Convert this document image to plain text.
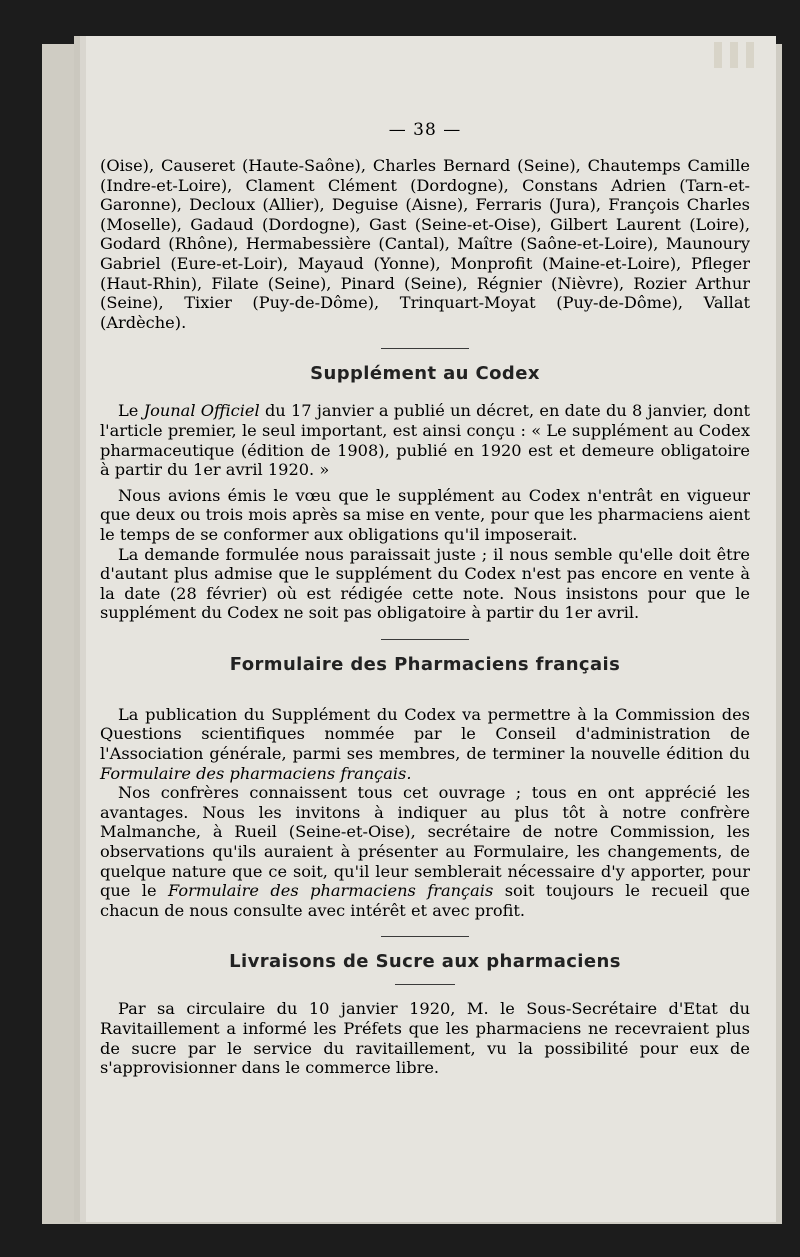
— 38 —

(Oise), Causeret (Haute-Saône), Charles Bernard (Seine), Chautemps Camille (Indre-et-Loire), Clament Clément (Dordogne), Constans Adrien (Tarn-et-Garonne), Decloux (Allier), Deguise (Aisne), Ferraris (Jura), François Charles (Moselle), Gadaud (Dordogne), Gast (Seine-et-Oise), Gilbert Laurent (Loire), Godard (Rhône), Hermabessière (Cantal), Maître (Saône-et-Loire), Maunoury Gabriel (Eure-et-Loir), Mayaud (Yonne), Monprofit (Maine-et-Loire), Pfleger (Haut-Rhin), Filate (Seine), Pinard (Seine), Régnier (Nièvre), Rozier Arthur (Seine), Tixier (Puy-de-Dôme), Trinquart-Moyat (Puy-de-Dôme), Vallat (Ardèche).

Supplément au Codex

Le Jounal Officiel du 17 janvier a publié un décret, en date du 8 janvier, dont l'article premier, le seul important, est ainsi conçu : « Le supplément au Codex pharmaceutique (édition de 1908), publié en 1920 est et demeure obligatoire à partir du 1er avril 1920. »

Nous avions émis le vœu que le supplément au Codex n'entrât en vigueur que deux ou trois mois après sa mise en vente, pour que les pharmaciens aient le temps de se conformer aux obligations qu'il imposerait.

La demande formulée nous paraissait juste ; il nous semble qu'elle doit être d'autant plus admise que le supplément du Codex n'est pas encore en vente à la date (28 février) où est rédigée cette note. Nous insistons pour que le supplément du Codex ne soit pas obligatoire à partir du 1er avril.

Formulaire des Pharmaciens français

La publication du Supplément du Codex va permettre à la Commission des Questions scientifiques nommée par le Conseil d'administration de l'Association générale, parmi ses membres, de terminer la nouvelle édition du Formulaire des pharmaciens français.

Nos confrères connaissent tous cet ouvrage ; tous en ont apprécié les avantages. Nous les invitons à indiquer au plus tôt à notre confrère Malmanche, à Rueil (Seine-et-Oise), secrétaire de notre Commission, les observations qu'ils auraient à présenter au Formulaire, les changements, de quelque nature que ce soit, qu'il leur semblerait nécessaire d'y apporter, pour que le Formulaire des pharmaciens français soit toujours le recueil que chacun de nous consulte avec intérêt et avec profit.

Livraisons de Sucre aux pharmaciens

Par sa circulaire du 10 janvier 1920, M. le Sous-Secrétaire d'Etat du Ravitaillement a informé les Préfets que les pharmaciens ne recevraient plus de sucre par le service du ravitaillement, vu la possibilité pour eux de s'approvisionner dans le commerce libre.
